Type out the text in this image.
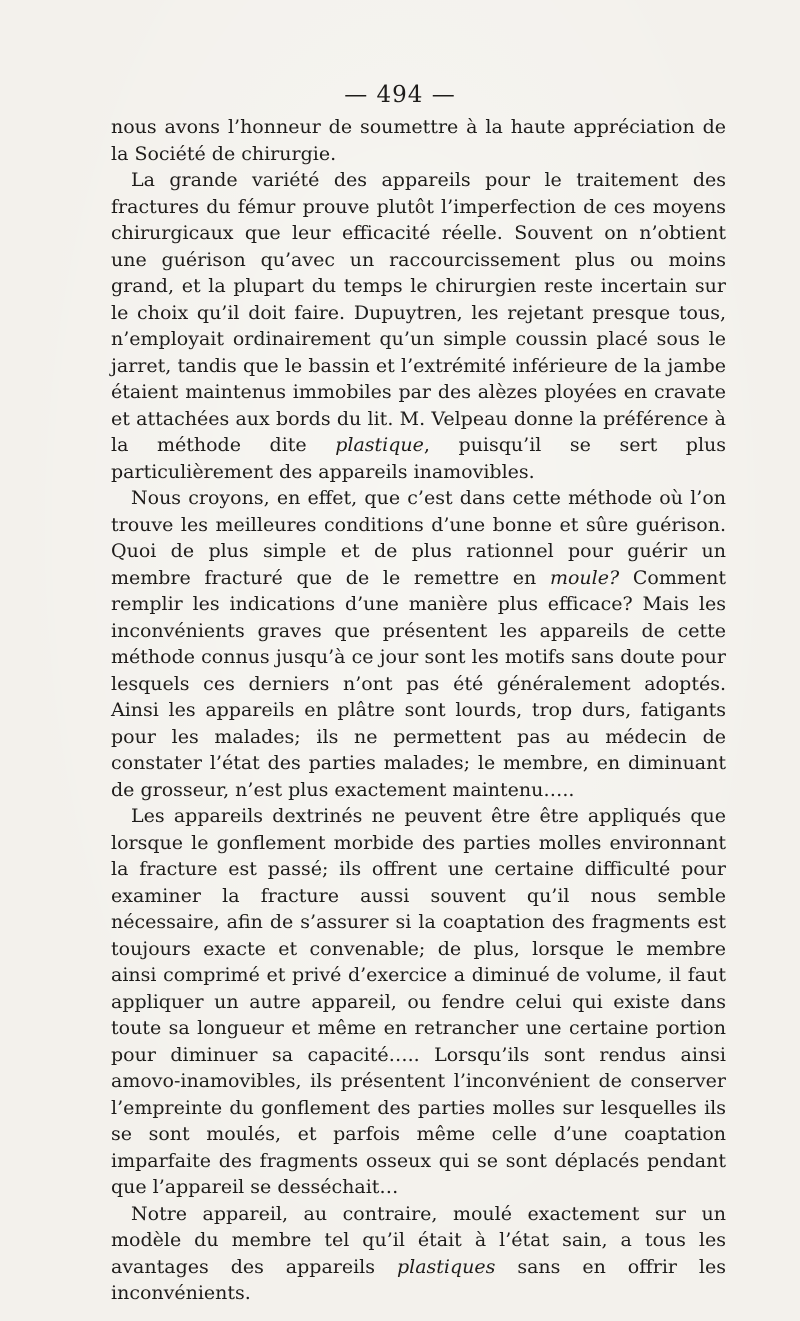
— 494 —

nous avons l’honneur de soumettre à la haute appréciation de la Société de chirurgie.

La grande variété des appareils pour le traitement des fractures du fémur prouve plutôt l’imperfection de ces moyens chirurgicaux que leur efficacité réelle. Souvent on n’obtient une guérison qu’avec un raccourcissement plus ou moins grand, et la plupart du temps le chirurgien reste incertain sur le choix qu’il doit faire. Dupuytren, les rejetant presque tous, n’employait ordinairement qu’un simple coussin placé sous le jarret, tandis que le bassin et l’extrémité inférieure de la jambe étaient maintenus immobiles par des alèzes ployées en cravate et attachées aux bords du lit. M. Velpeau donne la préférence à la méthode dite plastique, puisqu’il se sert plus particulièrement des appareils inamovibles.

Nous croyons, en effet, que c’est dans cette méthode où l’on trouve les meilleures conditions d’une bonne et sûre guérison. Quoi de plus simple et de plus rationnel pour guérir un membre fracturé que de le remettre en moule? Comment remplir les indications d’une manière plus efficace? Mais les inconvénients graves que présentent les appareils de cette méthode connus jusqu’à ce jour sont les motifs sans doute pour lesquels ces derniers n’ont pas été généralement adoptés. Ainsi les appareils en plâtre sont lourds, trop durs, fatigants pour les malades; ils ne permettent pas au médecin de constater l’état des parties malades; le membre, en diminuant de grosseur, n’est plus exactement maintenu…..

Les appareils dextrinés ne peuvent être être appliqués que lorsque le gonflement morbide des parties molles environnant la fracture est passé; ils offrent une certaine difficulté pour examiner la fracture aussi souvent qu’il nous semble nécessaire, afin de s’assurer si la coaptation des fragments est toujours exacte et convenable; de plus, lorsque le membre ainsi comprimé et privé d’exercice a diminué de volume, il faut appliquer un autre appareil, ou fendre celui qui existe dans toute sa longueur et même en retrancher une certaine portion pour diminuer sa capacité….. Lorsqu’ils sont rendus ainsi amovo-inamovibles, ils présentent l’inconvénient de conserver l’empreinte du gonflement des parties molles sur lesquelles ils se sont moulés, et parfois même celle d’une coaptation imparfaite des fragments osseux qui se sont déplacés pendant que l’appareil se desséchait…

Notre appareil, au contraire, moulé exactement sur un modèle du membre tel qu’il était à l’état sain, a tous les avantages des appareils plastiques sans en offrir les inconvénients.
